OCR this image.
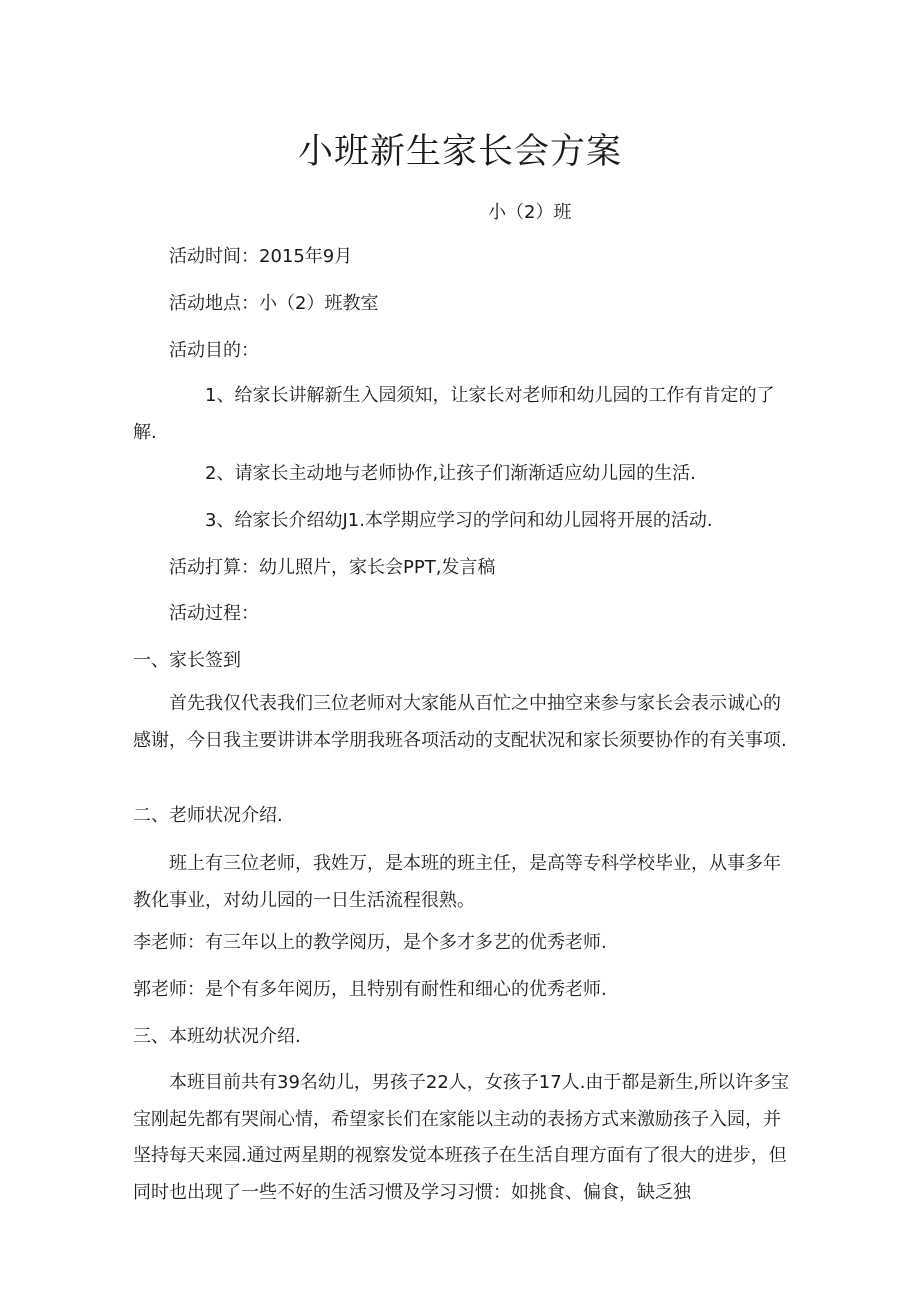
小班新生家长会方案
小（2）班
活动时间：2015年9月
活动地点：小（2）班教室
活动目的：
1、给家长讲解新生入园须知，让家长对老师和幼儿园的工作有肯定的了解.
2、请家长主动地与老师协作,让孩子们渐渐适应幼儿园的生活.
3、给家长介绍幼J1.本学期应学习的学问和幼儿园将开展的活动.
活动打算：幼儿照片，家长会PPT,发言稿
活动过程：
一、家长签到
首先我仅代表我们三位老师对大家能从百忙之中抽空来参与家长会表示诚心的感谢，今日我主要讲讲本学朋我班各项活动的支配状况和家长须要协作的有关事项.
二、老师状况介绍.
班上有三位老师，我姓万，是本班的班主任，是高等专科学校毕业，从事多年教化事业，对幼儿园的一日生活流程很熟。
李老师：有三年以上的教学阅历，是个多才多艺的优秀老师.
郭老师：是个有多年阅历，且特别有耐性和细心的优秀老师.
三、本班幼状况介绍.
本班目前共有39名幼儿，男孩子22人，女孩子17人.由于都是新生,所以许多宝宝刚起先都有哭闹心情，希望家长们在家能以主动的表扬方式来激励孩子入园，并坚持每天来园.通过两星期的视察发觉本班孩子在生活自理方面有了很大的进步，但同时也出现了一些不好的生活习惯及学习习惯：如挑食、偏食，缺乏独
